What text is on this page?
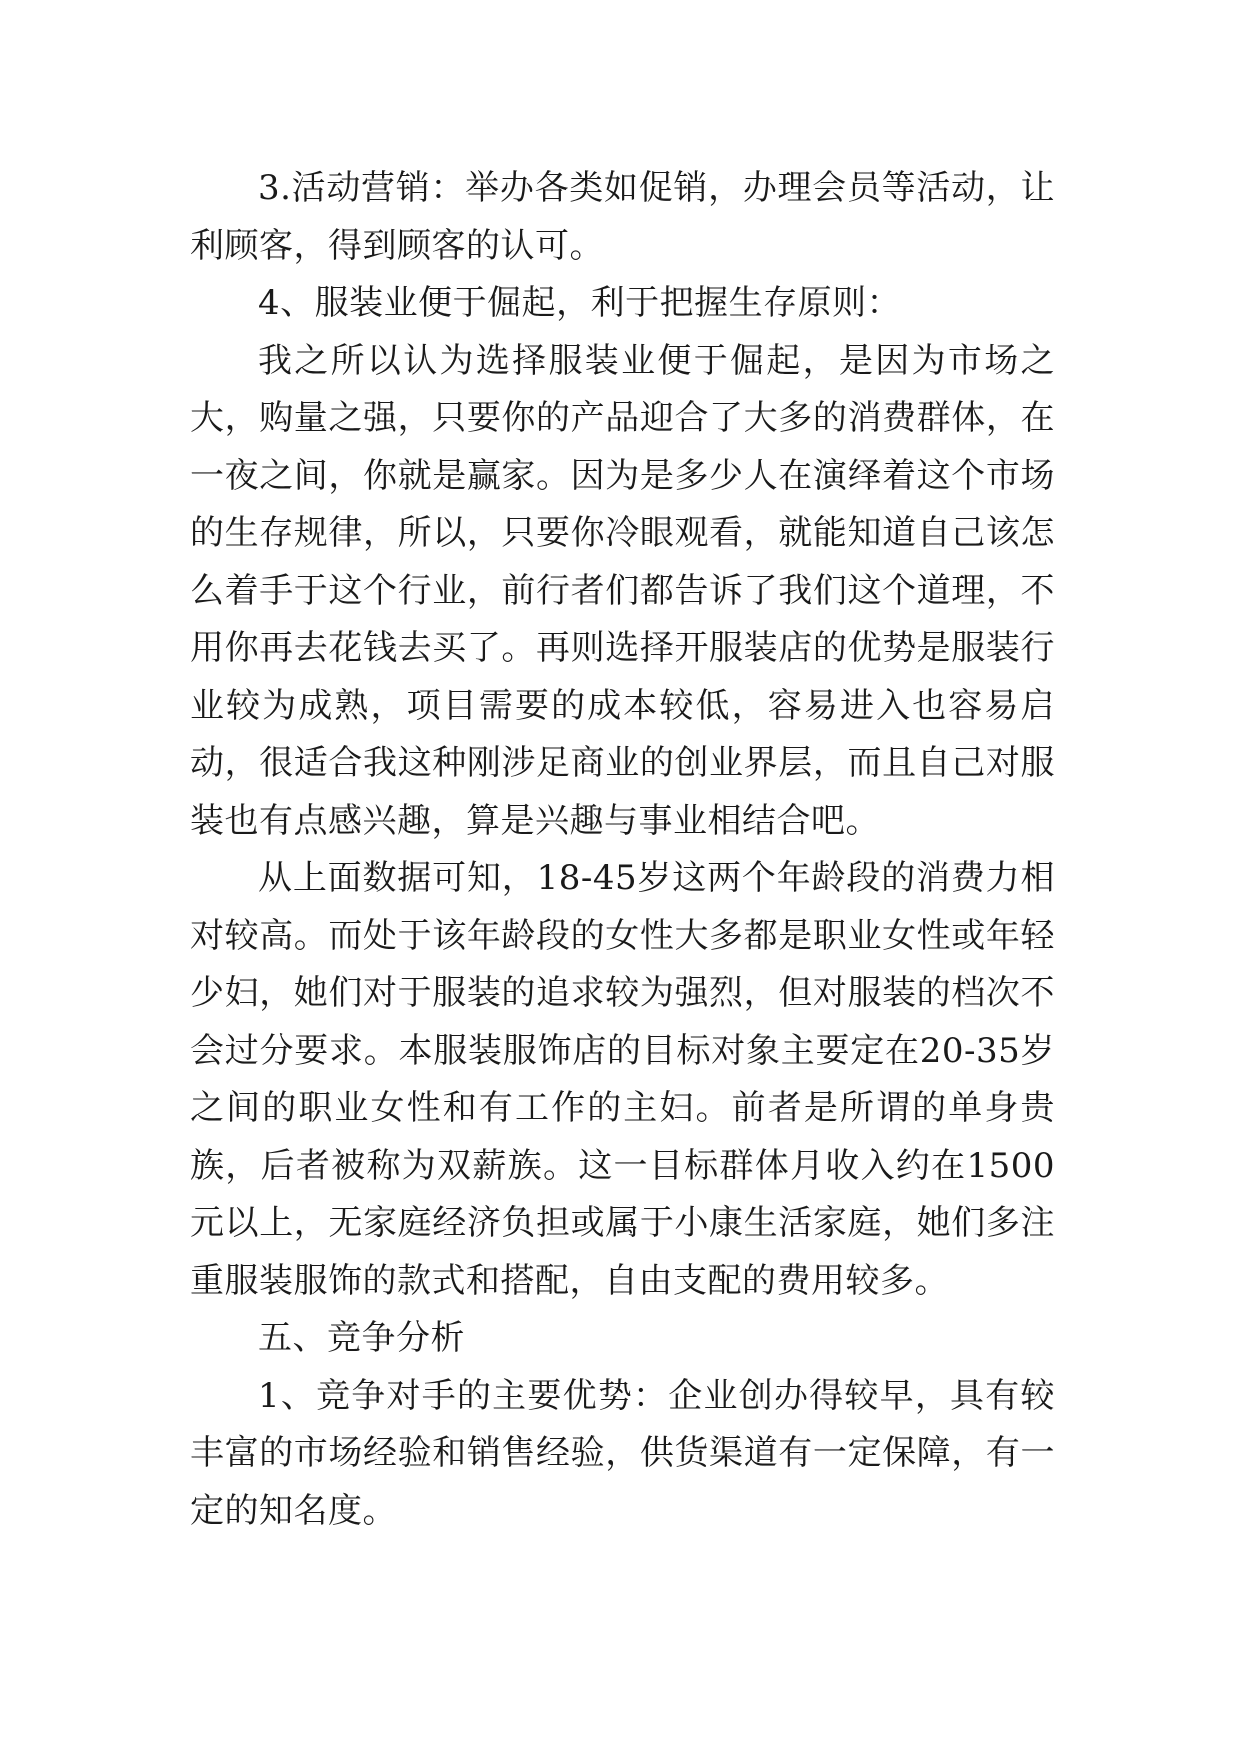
3.活动营销：举办各类如促销，办理会员等活动，让利顾客，得到顾客的认可。

4、服装业便于倔起，利于把握生存原则：

我之所以认为选择服装业便于倔起，是因为市场之大，购量之强，只要你的产品迎合了大多的消费群体，在一夜之间，你就是赢家。因为是多少人在演绎着这个市场的生存规律，所以，只要你冷眼观看，就能知道自己该怎么着手于这个行业，前行者们都告诉了我们这个道理，不用你再去花钱去买了。再则选择开服装店的优势是服装行业较为成熟，项目需要的成本较低，容易进入也容易启动，很适合我这种刚涉足商业的创业界层，而且自己对服装也有点感兴趣，算是兴趣与事业相结合吧。

从上面数据可知，18-45岁这两个年龄段的消费力相对较高。而处于该年龄段的女性大多都是职业女性或年轻少妇，她们对于服装的追求较为强烈，但对服装的档次不会过分要求。本服装服饰店的目标对象主要定在20-35岁之间的职业女性和有工作的主妇。前者是所谓的单身贵族，后者被称为双薪族。这一目标群体月收入约在1500元以上，无家庭经济负担或属于小康生活家庭，她们多注重服装服饰的款式和搭配，自由支配的费用较多。

五、竞争分析

1、竞争对手的主要优势：企业创办得较早，具有较丰富的市场经验和销售经验，供货渠道有一定保障，有一定的知名度。
